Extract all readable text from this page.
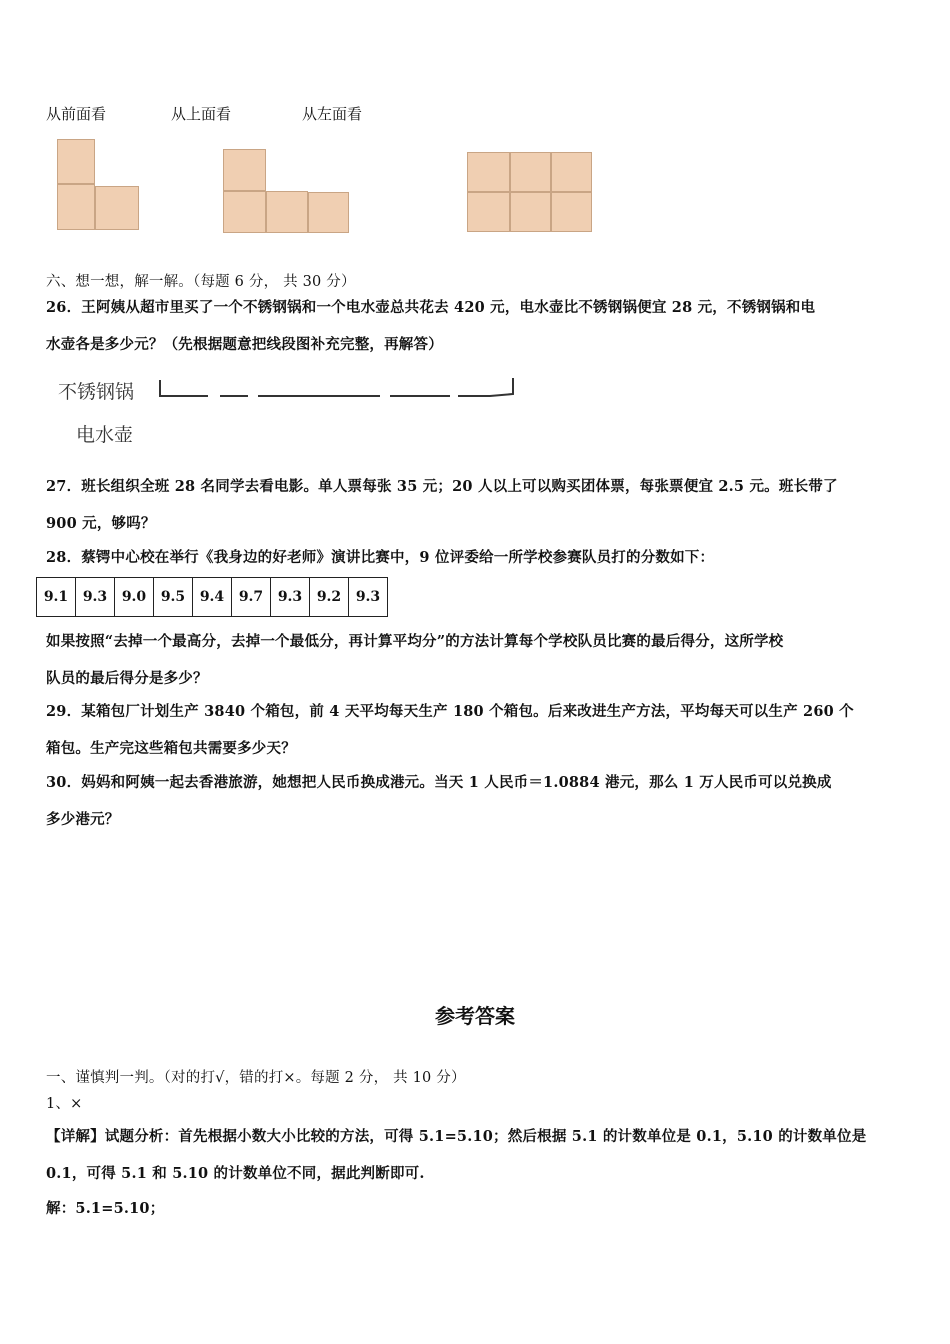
从前面看	从上面看	从左面看
六、想一想，解一解。（每题 6 分， 共 30 分）
26．王阿姨从超市里买了一个不锈钢锅和一个电水壶总共花去 420 元，电水壶比不锈钢锅便宜 28 元，不锈钢锅和电
水壶各是多少元？（先根据题意把线段图补充完整，再解答）
不锈钢锅
电水壶
27．班长组织全班 28 名同学去看电影。单人票每张 35 元；20 人以上可以购买团体票，每张票便宜 2.5 元。班长带了
900 元，够吗？
28．蔡锷中心校在举行《我身边的好老师》演讲比赛中，9 位评委给一所学校参赛队员打的分数如下：
9.1	9.3	9.0	9.5	9.4	9.7	9.3	9.2	9.3
如果按照“去掉一个最高分，去掉一个最低分，再计算平均分”的方法计算每个学校队员比赛的最后得分，这所学校
队员的最后得分是多少？
29．某箱包厂计划生产 3840 个箱包，前 4 天平均每天生产 180 个箱包。后来改进生产方法，平均每天可以生产 260 个
箱包。生产完这些箱包共需要多少天？
30．妈妈和阿姨一起去香港旅游，她想把人民币换成港元。当天 1 人民币＝1.0884 港元，那么 1 万人民币可以兑换成
多少港元？
参考答案
一、谨慎判一判。（对的打√，错的打×。每题 2 分， 共 10 分）
1、×
【详解】试题分析：首先根据小数大小比较的方法，可得 5.1=5.10；然后根据 5.1 的计数单位是 0.1，5.10 的计数单位是
0.1，可得 5.1 和 5.10 的计数单位不同，据此判断即可.
解：5.1=5.10；
